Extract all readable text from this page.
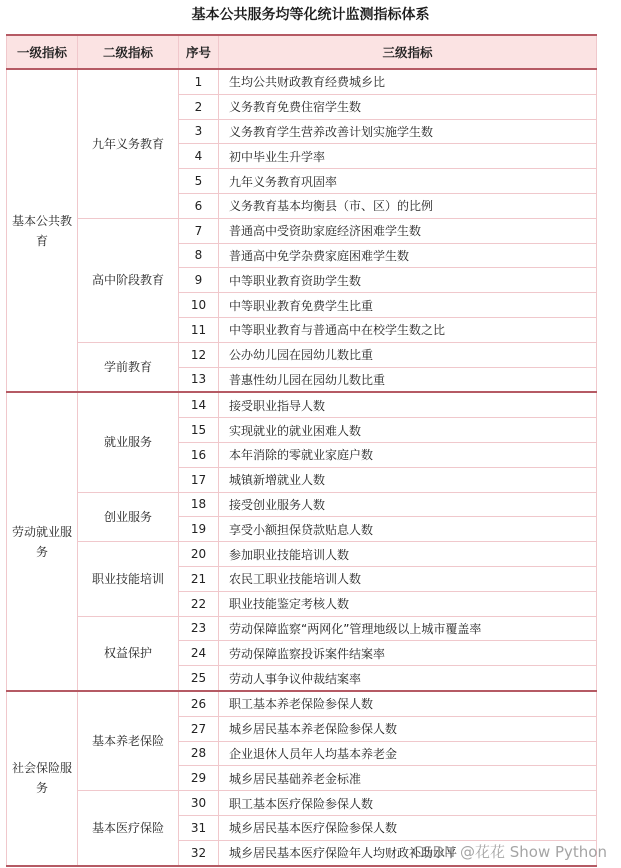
基本公共服务均等化统计监测指标体系
一级指标	二级指标	序号	三级指标
基本公共教育	九年义务教育	1	生均公共财政教育经费城乡比
		2	义务教育免费住宿学生数
		3	义务教育学生营养改善计划实施学生数
		4	初中毕业生升学率
		5	九年义务教育巩固率
		6	义务教育基本均衡县（市、区）的比例
	高中阶段教育	7	普通高中受资助家庭经济困难学生数
		8	普通高中免学杂费家庭困难学生数
		9	中等职业教育资助学生数
		10	中等职业教育免费学生比重
		11	中等职业教育与普通高中在校学生数之比
	学前教育	12	公办幼儿园在园幼儿数比重
		13	普惠性幼儿园在园幼儿数比重
劳动就业服务	就业服务	14	接受职业指导人数
		15	实现就业的就业困难人数
		16	本年消除的零就业家庭户数
		17	城镇新增就业人数
	创业服务	18	接受创业服务人数
		19	享受小额担保贷款贴息人数
	职业技能培训	20	参加职业技能培训人数
		21	农民工职业技能培训人数
		22	职业技能鉴定考核人数
	权益保护	23	劳动保障监察“两网化”管理地级以上城市覆盖率
		24	劳动保障监察投诉案件结案率
		25	劳动人事争议仲裁结案率
社会保险服务	基本养老保险	26	职工基本养老保险参保人数
		27	城乡居民基本养老保险参保人数
		28	企业退休人员年人均基本养老金
		29	城乡居民基础养老金标准
	基本医疗保险	30	职工基本医疗保险参保人数
		31	城乡居民基本医疗保险参保人数
		32	城乡居民基本医疗保险年人均财政补助水平
CSDN @花花 Show Python
